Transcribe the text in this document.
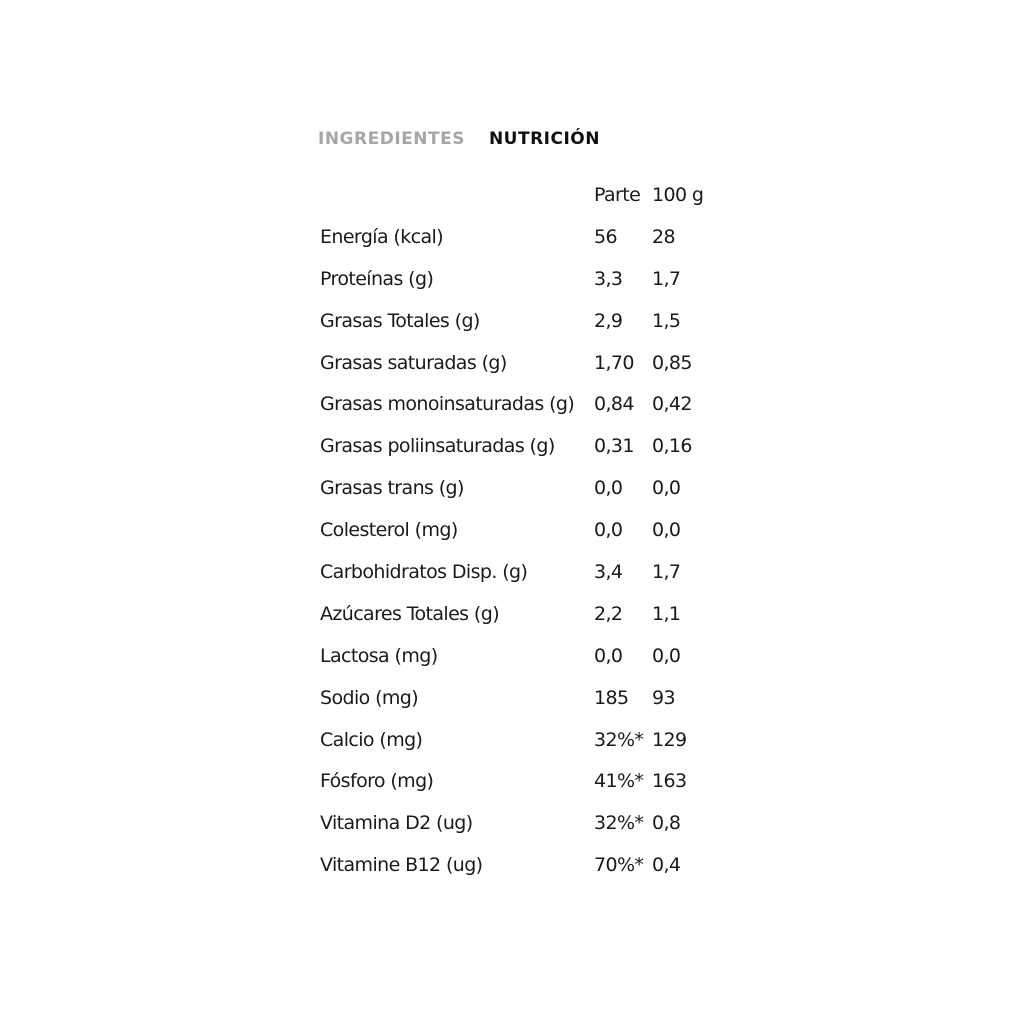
INGREDIENTES NUTRICIÓN
	Parte	100 g
Energía (kcal)	56	28
Proteínas (g)	3,3	1,7
Grasas Totales (g)	2,9	1,5
Grasas saturadas (g)	1,70	0,85
Grasas monoinsaturadas (g)	0,84	0,42
Grasas poliinsaturadas (g)	0,31	0,16
Grasas trans (g)	0,0	0,0
Colesterol (mg)	0,0	0,0
Carbohidratos Disp. (g)	3,4	1,7
Azúcares Totales (g)	2,2	1,1
Lactosa (mg)	0,0	0,0
Sodio (mg)	185	93
Calcio (mg)	32%*	129
Fósforo (mg)	41%*	163
Vitamina D2 (ug)	32%*	0,8
Vitamine B12 (ug)	70%*	0,4
